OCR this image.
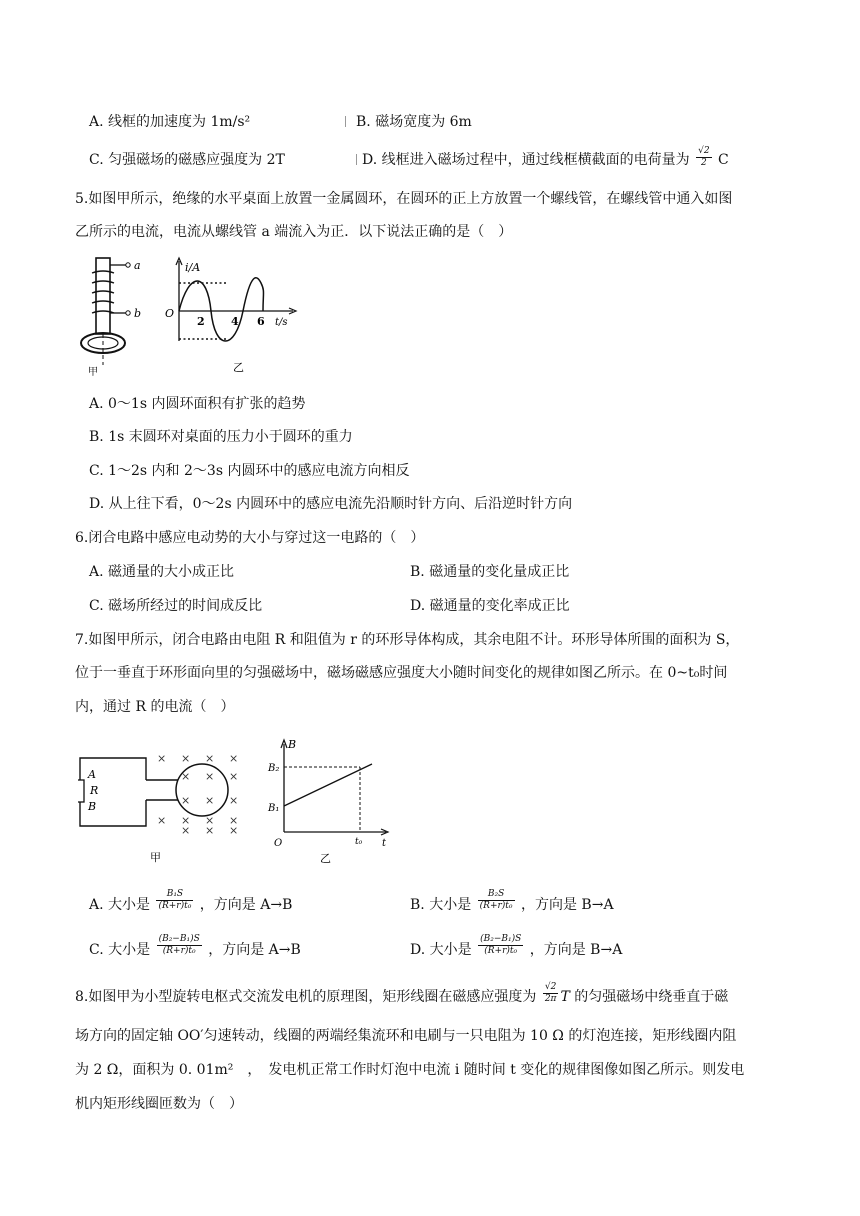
A. 线框的加速度为 1m/s²	B. 磁场宽度为 6m
C. 匀强磁场的磁感应强度为 2T	D. 线框进入磁场过程中，通过线框横截面的电荷量为 $\frac{√2}{2}$ C
5.如图甲所示，绝缘的水平桌面上放置一金属圆环，在圆环的正上方放置一个螺线管，在螺线管中通入如图
乙所示的电流，电流从螺线管 a 端流入为正．以下说法正确的是（　）
a
b
甲
i/A
O
2 4 6 t/s
乙
A. 0～1s 内圆环面积有扩张的趋势
B. 1s 末圆环对桌面的压力小于圆环的重力
C. 1～2s 内和 2～3s 内圆环中的感应电流方向相反
D. 从上往下看，0～2s 内圆环中的感应电流先沿顺时针方向、后沿逆时针方向
6.闭合电路中感应电动势的大小与穿过这一电路的（　）
A. 磁通量的大小成正比	B. 磁通量的变化量成正比
C. 磁场所经过的时间成反比	D. 磁通量的变化率成正比
7.如图甲所示，闭合电路由电阻 R 和阻值为 r 的环形导体构成，其余电阻不计。环形导体所围的面积为 S，
位于一垂直于环形面向里的匀强磁场中，磁场磁感应强度大小随时间变化的规律如图乙所示。在 0~t₀时间
内，通过 R 的电流（　）
A
R
B
× × × ×
× × ×
× × ×
× × × ×
× × ×
甲
B
B₂
B₁
O	t₀ t
乙
A. 大小是 $\frac{\text{B₁S}}{\text{(R+r)t₀}}$ ，方向是 A→B	B. 大小是 $\frac{\text{B₂S}}{\text{(R+r)t₀}}$ ，方向是 B→A
C. 大小是 $\frac{\text{(B₂−B₁)S}}{\text{(R+r)t₀}}$ ，方向是 A→B	D. 大小是 $\frac{\text{(B₂−B₁)S}}{\text{(R+r)t₀}}$ ，方向是 B→A
8.如图甲为小型旋转电枢式交流发电机的原理图，矩形线圈在磁感应强度为 $\frac{√2}{2\pi}$ T 的匀强磁场中绕垂直于磁
场方向的固定轴 OO′匀速转动，线圈的两端经集流环和电刷与一只电阻为 10 Ω 的灯泡连接，矩形线圈内阻
为 2 Ω，面积为 0. 01m²　，　发电机正常工作时灯泡中电流 i 随时间 t 变化的规律图像如图乙所示。则发电
机内矩形线圈匝数为（　）
